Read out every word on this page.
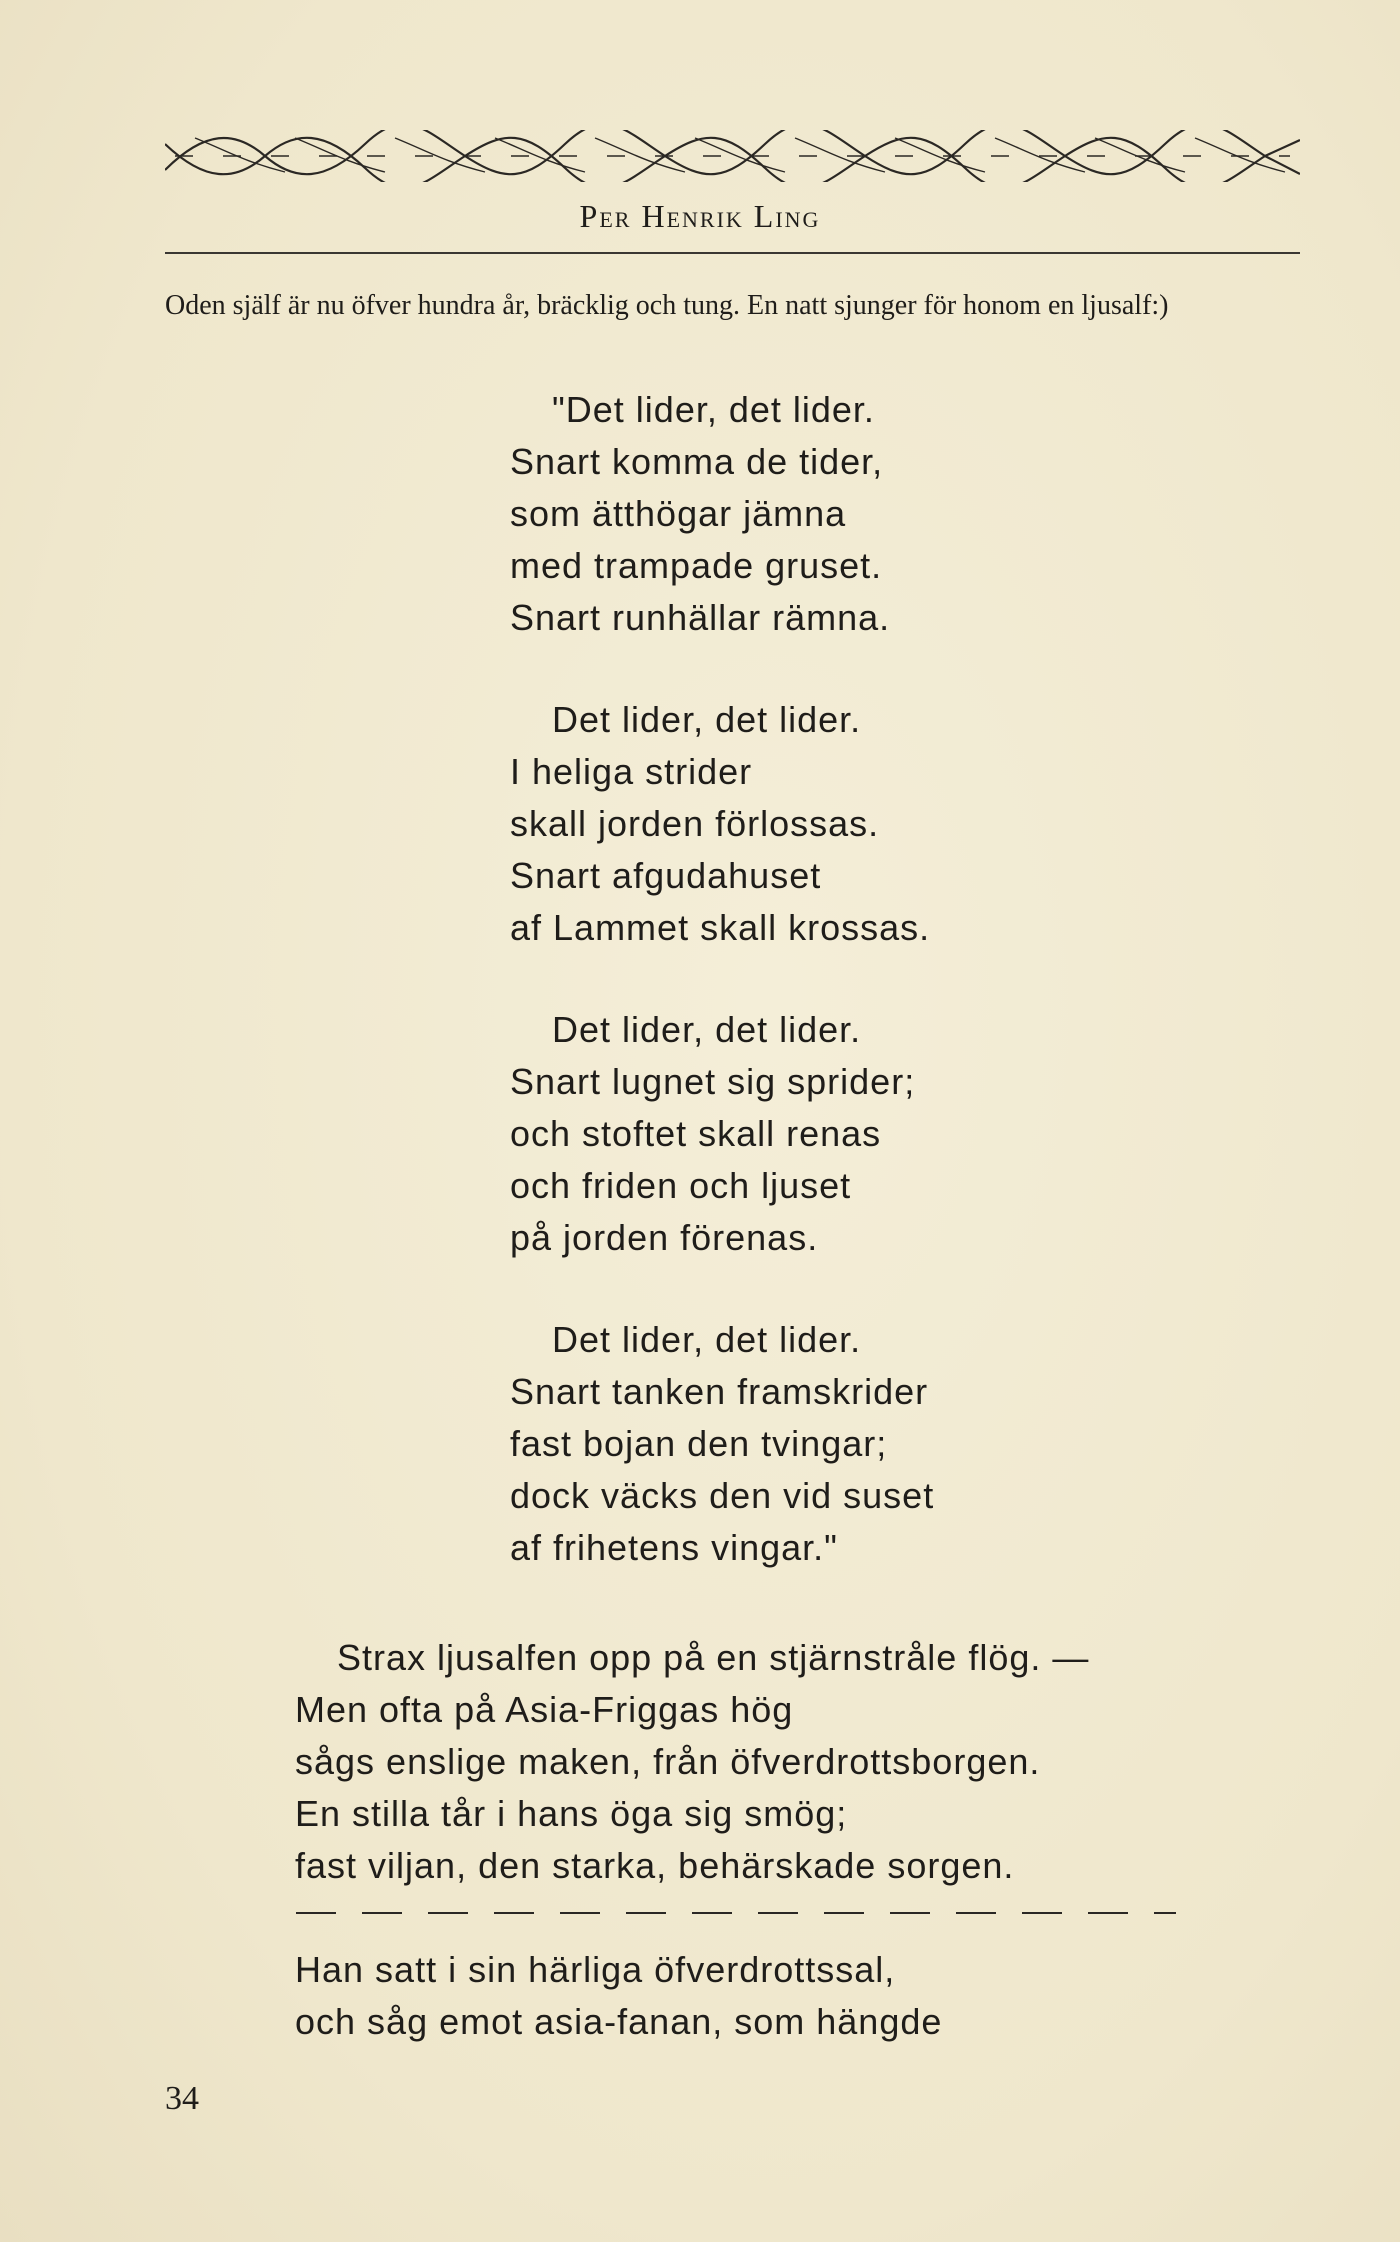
Per Henrik Ling
Oden själf är nu öfver hundra år, bräcklig och tung. En natt sjunger för honom en ljusalf:)
"Det lider, det lider.
Snart komma de tider,
som ätthögar jämna
med trampade gruset.
Snart runhällar rämna.
Det lider, det lider.
I heliga strider
skall jorden förlossas.
Snart afgudahuset
af Lammet skall krossas.
Det lider, det lider.
Snart lugnet sig sprider;
och stoftet skall renas
och friden och ljuset
på jorden förenas.
Det lider, det lider.
Snart tanken framskrider
fast bojan den tvingar;
dock väcks den vid suset
af frihetens vingar."
Strax ljusalfen opp på en stjärnstråle flög. —
Men ofta på Asia-Friggas hög
sågs enslige maken, från öfverdrottsborgen.
En stilla tår i hans öga sig smög;
fast viljan, den starka, behärskade sorgen.
Han satt i sin härliga öfverdrottssal,
och såg emot asia-fanan, som hängde
34
